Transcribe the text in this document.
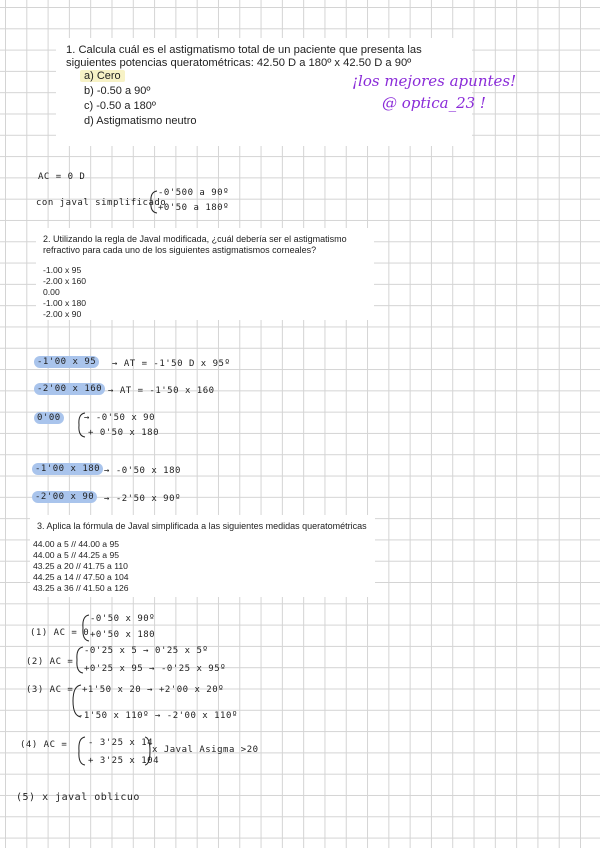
1. Calcula cuál es el astigmatismo total de un paciente que presenta las siguientes potencias queratométricas: 42.50 D a 180º x 42.50 D a 90º
a) Cero
b) -0.50 a 90º
c) -0.50 a 180º
d) Astigmatismo neutro
¡los mejores apuntes!
@ optica_23 !
AC = 0 D
con javal simplificado
-0'500 a 90º
+0'50 a 180º
2. Utilizando la regla de Javal modificada, ¿cuál debería ser el astigmatismo refractivo para cada uno de los siguientes astigmatismos corneales?
-1.00 x 95
-2.00 x 160
0.00
-1.00 x 180
-2.00 x 90
-1'00 x 95	→ AT = -1'50 D x 95º
-2'00 x 160 → AT = -1'50 x 160
0'00	→ -0'50 x 90
+ 0'50 x 180
-1'00 x 180 → -0'50 x 180
-2'00 x 90	→ -2'50 x 90º
3. Aplica la fórmula de Javal simplificada a las siguientes medidas queratométricas
44.00 a 5 // 44.00 a 95
44.00 a 5 // 44.25 a 95
43.25 a 20 // 41.75 a 110
44.25 a 14 // 47.50 a 104
43.25 a 36 // 41.50 a 126
(1) AC = 0
-0'50 x 90º
+0'50 x 180
(2) AC =
-0'25 x 5 → 0'25 x 5º
+0'25 x 95 → -0'25 x 95º
(3) AC = +1'50 x 20 → +2'00 x 20º
-1'50 x 110º → -2'00 x 110º
(4) AC = - 3'25 x 14
+ 3'25 x 104
x Javal Asigma >20
(5) x javal oblicuo
